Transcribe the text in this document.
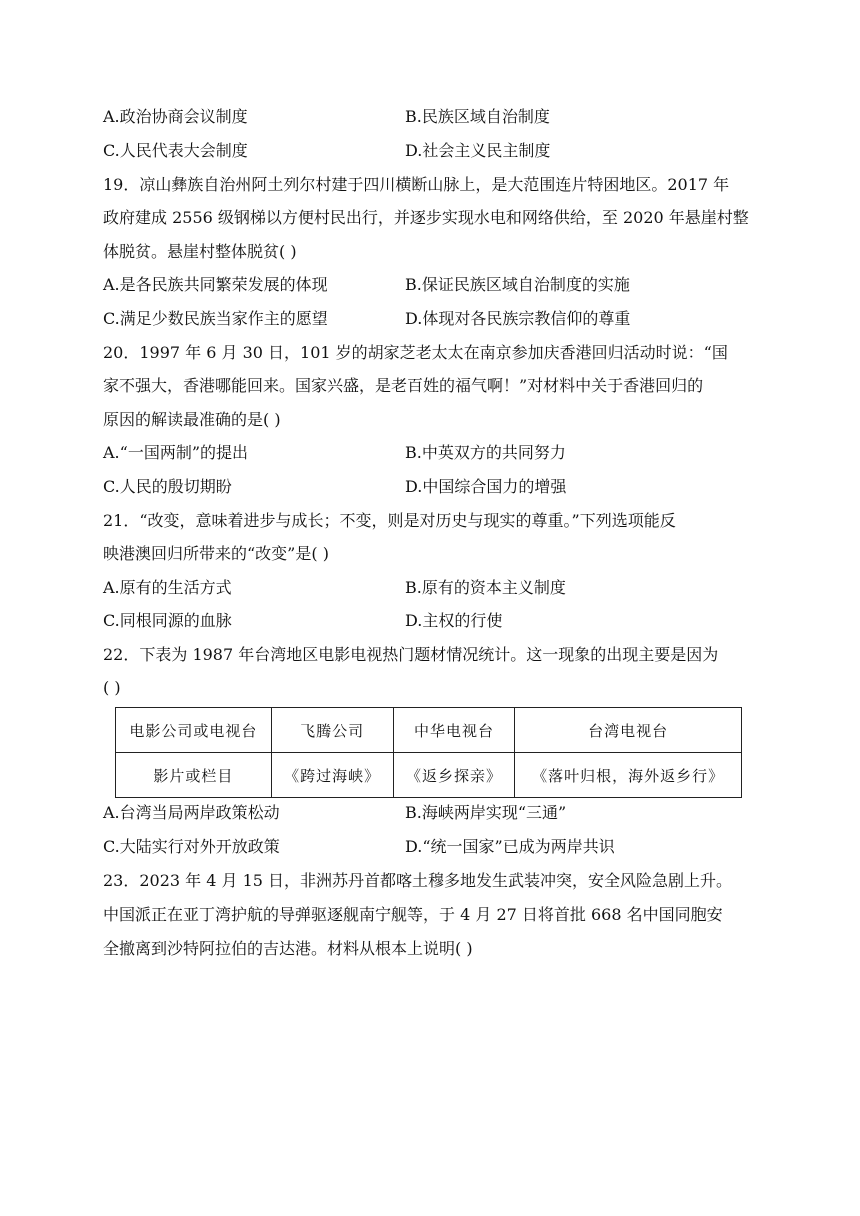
A.政治协商会议制度	B.民族区域自治制度
C.人民代表大会制度	D.社会主义民主制度
19．凉山彝族自治州阿土列尔村建于四川横断山脉上，是大范围连片特困地区。2017 年
政府建成 2556 级钢梯以方便村民出行，并逐步实现水电和网络供给，至 2020 年悬崖村整
体脱贫。悬崖村整体脱贫( )
A.是各民族共同繁荣发展的体现	B.保证民族区域自治制度的实施
C.满足少数民族当家作主的愿望	D.体现对各民族宗教信仰的尊重
20．1997 年 6 月 30 日，101 岁的胡家芝老太太在南京参加庆香港回归活动时说：“国
家不强大，香港哪能回来。国家兴盛，是老百姓的福气啊！”对材料中关于香港回归的
原因的解读最准确的是( )
A.“一国两制”的提出	B.中英双方的共同努力
C.人民的殷切期盼	D.中国综合国力的增强
21．“改变，意味着进步与成长；不变，则是对历史与现实的尊重。”下列选项能反
映港澳回归所带来的“改变”是( )
A.原有的生活方式	B.原有的资本主义制度
C.同根同源的血脉	D.主权的行使
22．下表为 1987 年台湾地区电影电视热门题材情况统计。这一现象的出现主要是因为
( )
电影公司或电视台	飞腾公司	中华电视台	台湾电视台
影片或栏目	《跨过海峡》	《返乡探亲》	《落叶归根，海外返乡行》
A.台湾当局两岸政策松动	B.海峡两岸实现“三通”
C.大陆实行对外开放政策	D.“统一国家”已成为两岸共识
23．2023 年 4 月 15 日，非洲苏丹首都喀土穆多地发生武装冲突，安全风险急剧上升。
中国派正在亚丁湾护航的导弹驱逐舰南宁舰等，于 4 月 27 日将首批 668 名中国同胞安
全撤离到沙特阿拉伯的吉达港。材料从根本上说明( )
